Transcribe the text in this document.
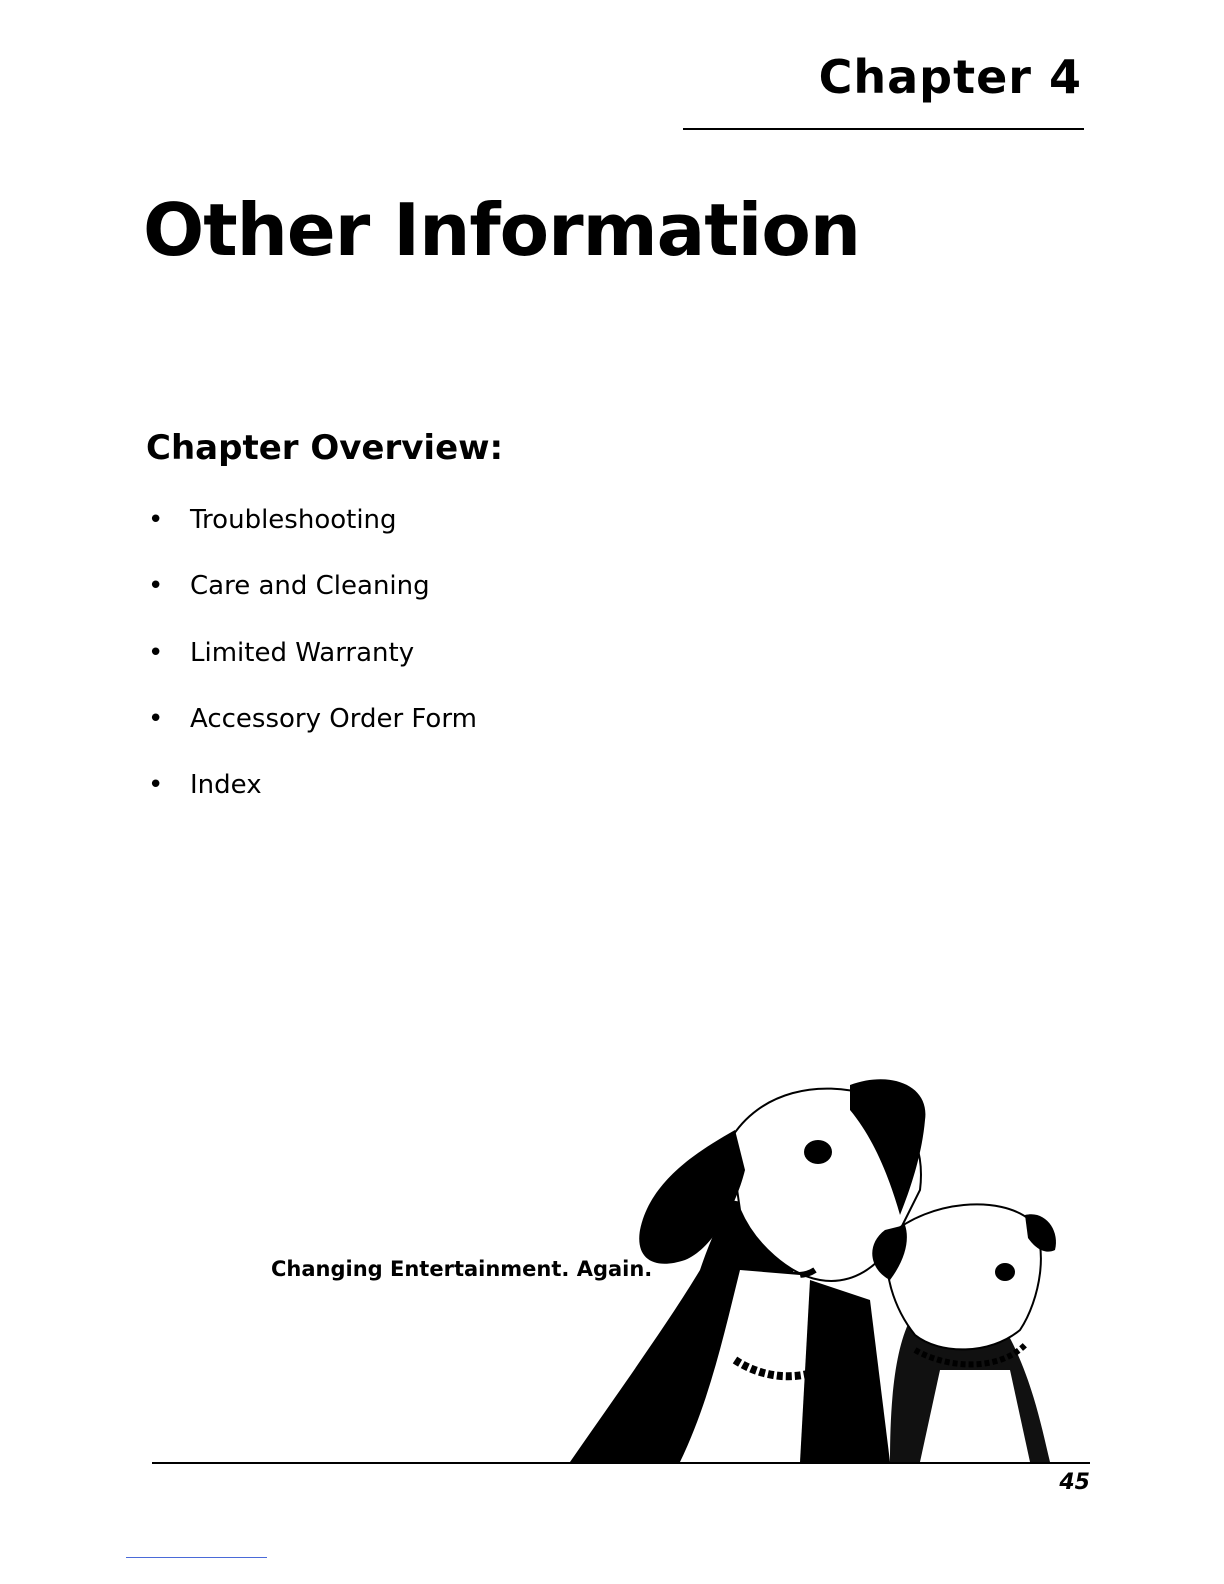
Chapter 4
Other Information
Chapter Overview:
• Troubleshooting
• Care and Cleaning
• Limited Warranty
• Accessory Order Form
• Index
Changing Entertainment. Again.
45
